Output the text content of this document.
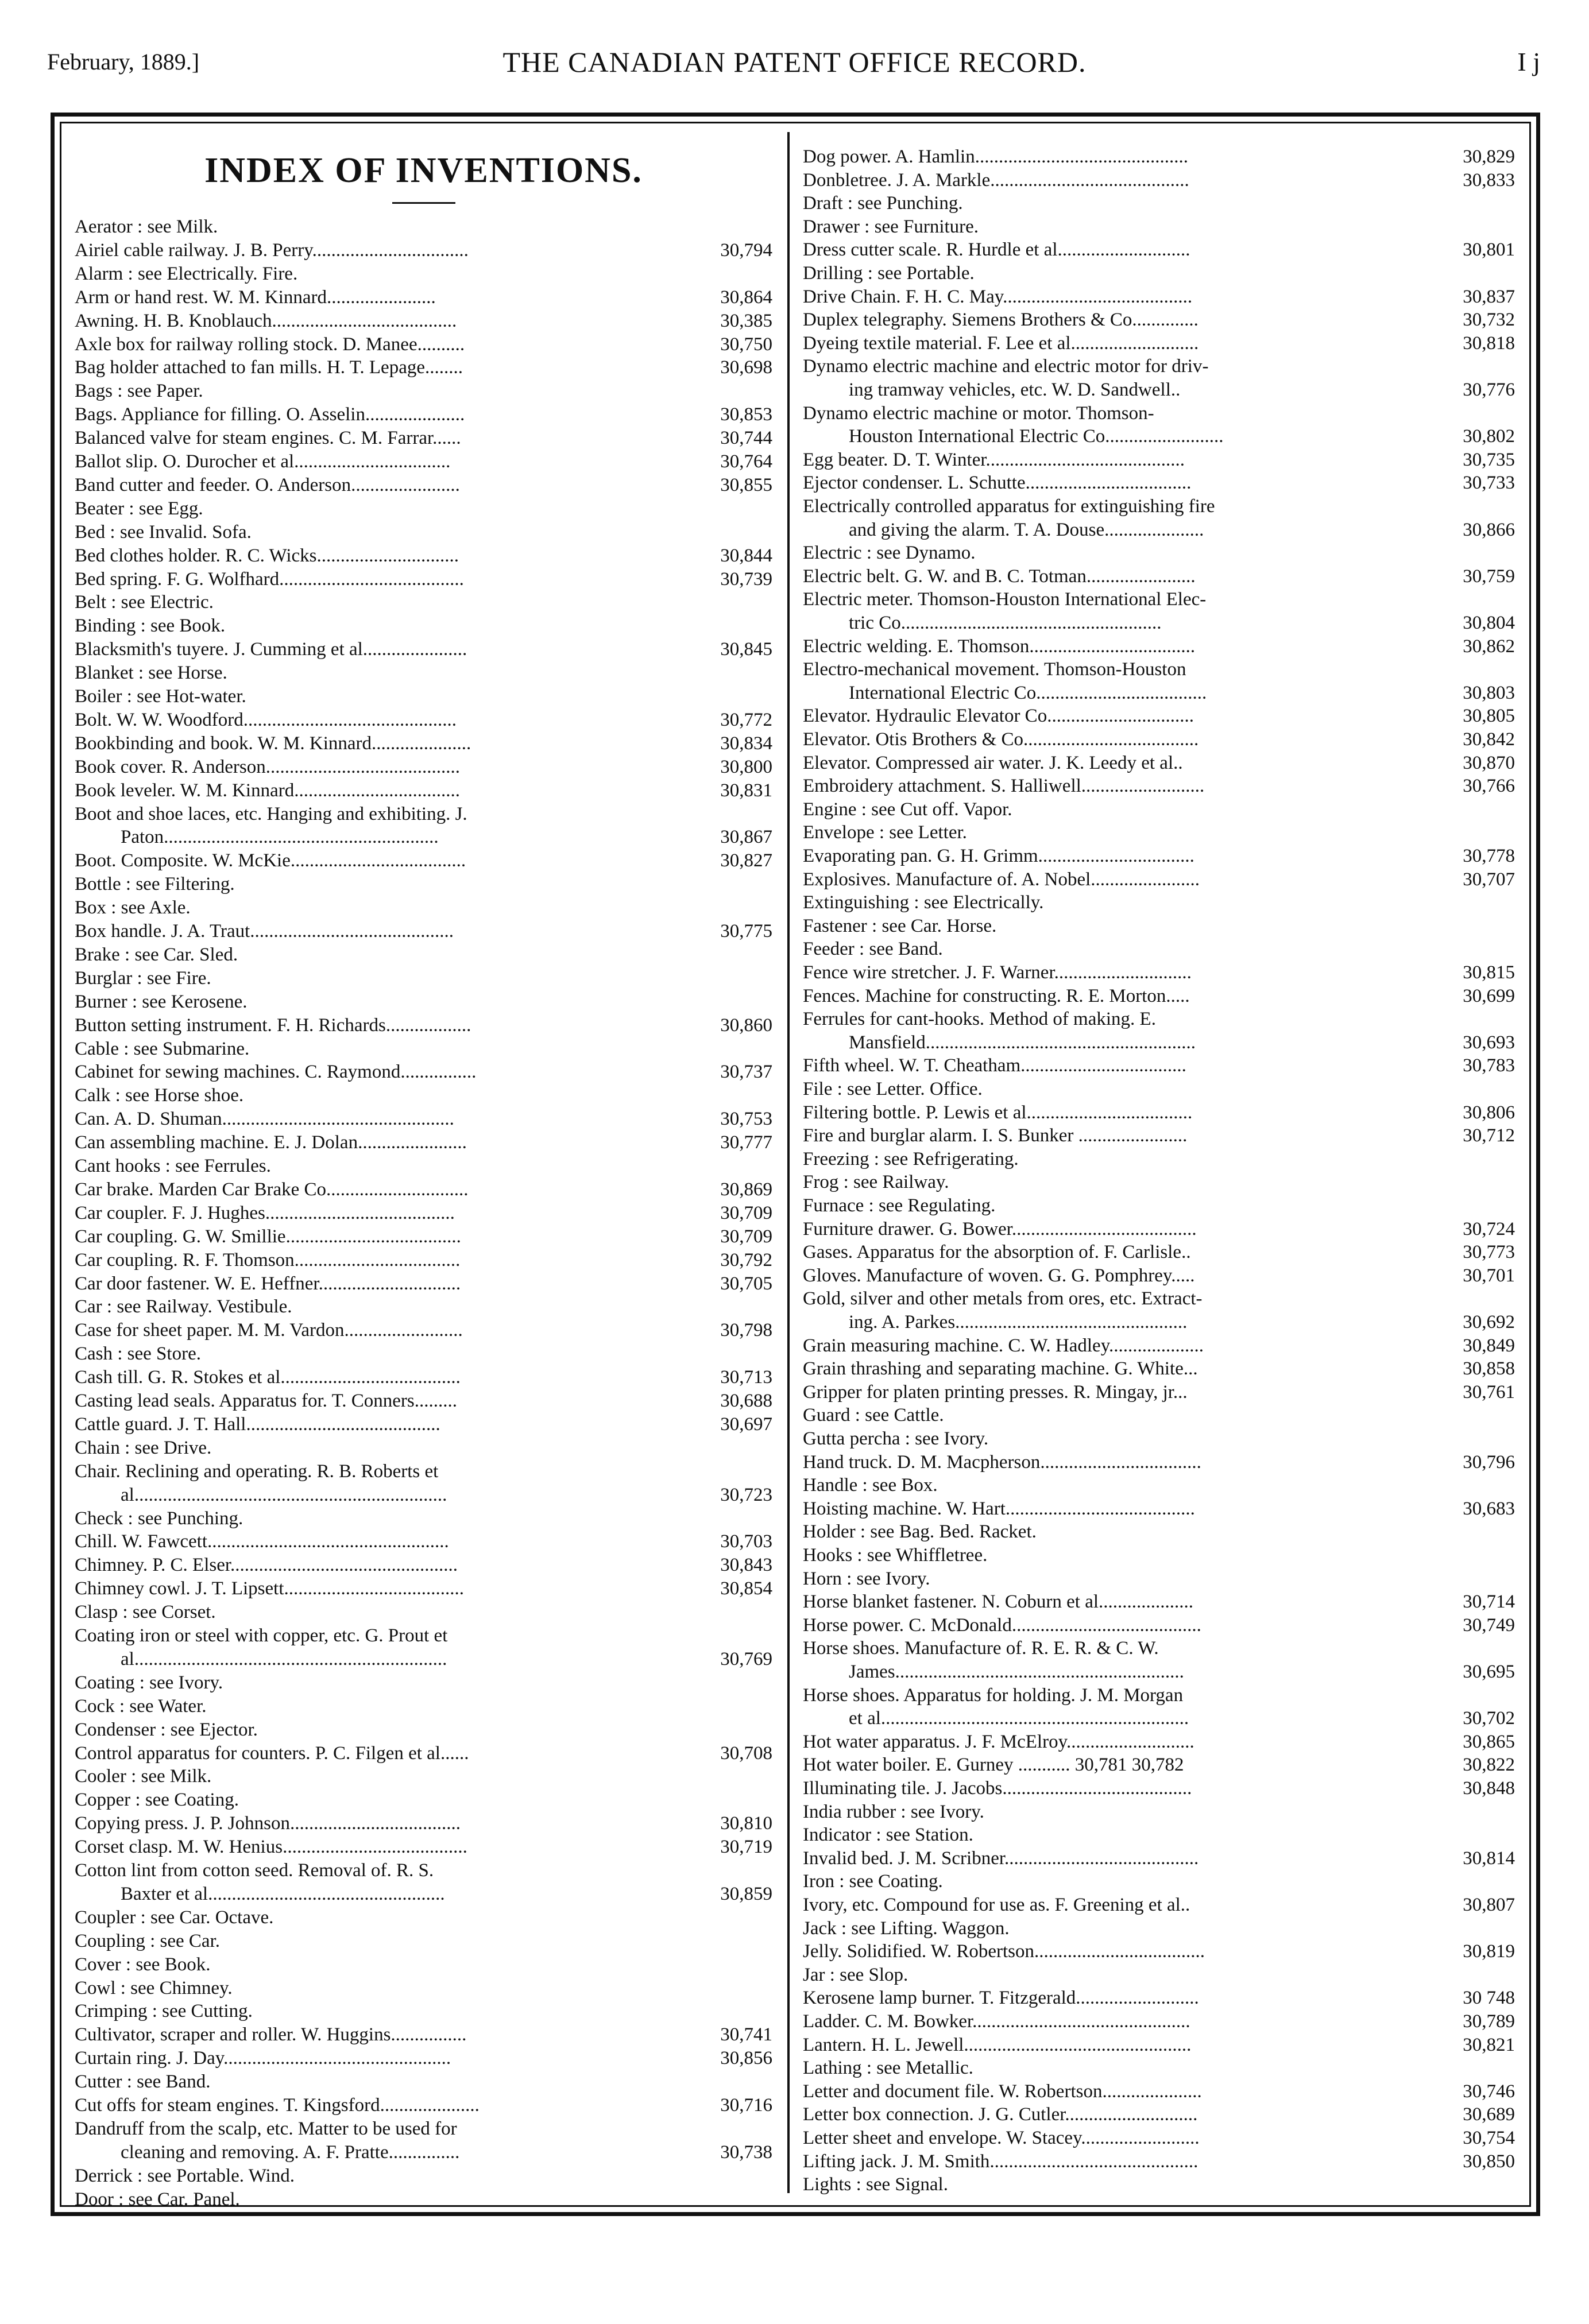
February, 1889.]	THE CANADIAN PATENT OFFICE RECORD.	I j
INDEX OF INVENTIONS.
Aerator : see Milk.
Airiel cable railway. J. B. Perry.................................	30,794
Alarm : see Electrically. Fire.
Arm or hand rest. W. M. Kinnard.......................	30,864
Awning. H. B. Knoblauch.......................................	30,385
Axle box for railway rolling stock. D. Manee..........	30,750
Bag holder attached to fan mills. H. T. Lepage........	30,698
Bags : see Paper.
Bags. Appliance for filling. O. Asselin.....................	30,853
Balanced valve for steam engines. C. M. Farrar......	30,744
Ballot slip. O. Durocher et al.................................	30,764
Band cutter and feeder. O. Anderson.......................	30,855
Beater : see Egg.
Bed : see Invalid. Sofa.
Bed clothes holder. R. C. Wicks..............................	30,844
Bed spring. F. G. Wolfhard.......................................	30,739
Belt : see Electric.
Binding : see Book.
Blacksmith's tuyere. J. Cumming et al......................	30,845
Blanket : see Horse.
Boiler : see Hot-water.
Bolt. W. W. Woodford.............................................	30,772
Bookbinding and book. W. M. Kinnard.....................	30,834
Book cover. R. Anderson.........................................	30,800
Book leveler. W. M. Kinnard...................................	30,831
Boot and shoe laces, etc. Hanging and exhibiting. J.
Paton..........................................................	30,867
Boot. Composite. W. McKie.....................................	30,827
Bottle : see Filtering.
Box : see Axle.
Box handle. J. A. Traut...........................................	30,775
Brake : see Car. Sled.
Burglar : see Fire.
Burner : see Kerosene.
Button setting instrument. F. H. Richards..................	30,860
Cable : see Submarine.
Cabinet for sewing machines. C. Raymond................	30,737
Calk : see Horse shoe.
Can. A. D. Shuman.................................................	30,753
Can assembling machine. E. J. Dolan.......................	30,777
Cant hooks : see Ferrules.
Car brake. Marden Car Brake Co..............................	30,869
Car coupler. F. J. Hughes........................................	30,709
Car coupling. G. W. Smillie.....................................	30,709
Car coupling. R. F. Thomson...................................	30,792
Car door fastener. W. E. Heffner..............................	30,705
Car : see Railway. Vestibule.
Case for sheet paper. M. M. Vardon.........................	30,798
Cash : see Store.
Cash till. G. R. Stokes et al......................................	30,713
Casting lead seals. Apparatus for. T. Conners.........	30,688
Cattle guard. J. T. Hall.........................................	30,697
Chain : see Drive.
Chair. Reclining and operating. R. B. Roberts et
al..................................................................	30,723
Check : see Punching.
Chill. W. Fawcett...................................................	30,703
Chimney. P. C. Elser................................................	30,843
Chimney cowl. J. T. Lipsett......................................	30,854
Clasp : see Corset.
Coating iron or steel with copper, etc. G. Prout et
al..................................................................	30,769
Coating : see Ivory.
Cock : see Water.
Condenser : see Ejector.
Control apparatus for counters. P. C. Filgen et al......	30,708
Cooler : see Milk.
Copper : see Coating.
Copying press. J. P. Johnson....................................	30,810
Corset clasp. M. W. Henius.......................................	30,719
Cotton lint from cotton seed. Removal of. R. S.
Baxter et al..................................................	30,859
Coupler : see Car. Octave.
Coupling : see Car.
Cover : see Book.
Cowl : see Chimney.
Crimping : see Cutting.
Cultivator, scraper and roller. W. Huggins................	30,741
Curtain ring. J. Day................................................	30,856
Cutter : see Band.
Cut offs for steam engines. T. Kingsford.....................	30,716
Dandruff from the scalp, etc. Matter to be used for
cleaning and removing. A. F. Pratte...............	30,738
Derrick : see Portable. Wind.
Door : see Car. Panel.
Dog power. A. Hamlin.............................................	30,829
Donbletree. J. A. Markle..........................................	30,833
Draft : see Punching.
Drawer : see Furniture.
Dress cutter scale. R. Hurdle et al............................	30,801
Drilling : see Portable.
Drive Chain. F. H. C. May........................................	30,837
Duplex telegraphy. Siemens Brothers & Co..............	30,732
Dyeing textile material. F. Lee et al...........................	30,818
Dynamo electric machine and electric motor for driv-
ing tramway vehicles, etc. W. D. Sandwell..	30,776
Dynamo electric machine or motor. Thomson-
Houston International Electric Co.........................	30,802
Egg beater. D. T. Winter..........................................	30,735
Ejector condenser. L. Schutte...................................	30,733
Electrically controlled apparatus for extinguishing fire
and giving the alarm. T. A. Douse.....................	30,866
Electric : see Dynamo.
Electric belt. G. W. and B. C. Totman.......................	30,759
Electric meter. Thomson-Houston International Elec-
tric Co.......................................................	30,804
Electric welding. E. Thomson...................................	30,862
Electro-mechanical movement. Thomson-Houston
International Electric Co....................................	30,803
Elevator. Hydraulic Elevator Co...............................	30,805
Elevator. Otis Brothers & Co.....................................	30,842
Elevator. Compressed air water. J. K. Leedy et al..	30,870
Embroidery attachment. S. Halliwell..........................	30,766
Engine : see Cut off. Vapor.
Envelope : see Letter.
Evaporating pan. G. H. Grimm.................................	30,778
Explosives. Manufacture of. A. Nobel.......................	30,707
Extinguishing : see Electrically.
Fastener : see Car. Horse.
Feeder : see Band.
Fence wire stretcher. J. F. Warner.............................	30,815
Fences. Machine for constructing. R. E. Morton.....	30,699
Ferrules for cant-hooks. Method of making. E.
Mansfield.........................................................	30,693
Fifth wheel. W. T. Cheatham...................................	30,783
File : see Letter. Office.
Filtering bottle. P. Lewis et al...................................	30,806
Fire and burglar alarm. I. S. Bunker .......................	30,712
Freezing : see Refrigerating.
Frog : see Railway.
Furnace : see Regulating.
Furniture drawer. G. Bower.......................................	30,724
Gases. Apparatus for the absorption of. F. Carlisle..	30,773
Gloves. Manufacture of woven. G. G. Pomphrey.....	30,701
Gold, silver and other metals from ores, etc. Extract-
ing. A. Parkes.................................................	30,692
Grain measuring machine. C. W. Hadley....................	30,849
Grain thrashing and separating machine. G. White...	30,858
Gripper for platen printing presses. R. Mingay, jr...	30,761
Guard : see Cattle.
Gutta percha : see Ivory.
Hand truck. D. M. Macpherson..................................	30,796
Handle : see Box.
Hoisting machine. W. Hart........................................	30,683
Holder : see Bag. Bed. Racket.
Hooks : see Whiffletree.
Horn : see Ivory.
Horse blanket fastener. N. Coburn et al....................	30,714
Horse power. C. McDonald........................................	30,749
Horse shoes. Manufacture of. R. E. R. & C. W.
James.............................................................	30,695
Horse shoes. Apparatus for holding. J. M. Morgan
et al.................................................................	30,702
Hot water apparatus. J. F. McElroy...........................	30,865
Hot water boiler. E. Gurney ........... 30,781 30,782	30,822
Illuminating tile. J. Jacobs........................................	30,848
India rubber : see Ivory.
Indicator : see Station.
Invalid bed. J. M. Scribner.........................................	30,814
Iron : see Coating.
Ivory, etc. Compound for use as. F. Greening et al..	30,807
Jack : see Lifting. Waggon.
Jelly. Solidified. W. Robertson....................................	30,819
Jar : see Slop.
Kerosene lamp burner. T. Fitzgerald..........................	30 748
Ladder. C. M. Bowker..............................................	30,789
Lantern. H. L. Jewell................................................	30,821
Lathing : see Metallic.
Letter and document file. W. Robertson.....................	30,746
Letter box connection. J. G. Cutler............................	30,689
Letter sheet and envelope. W. Stacey.........................	30,754
Lifting jack. J. M. Smith............................................	30,850
Lights : see Signal.
